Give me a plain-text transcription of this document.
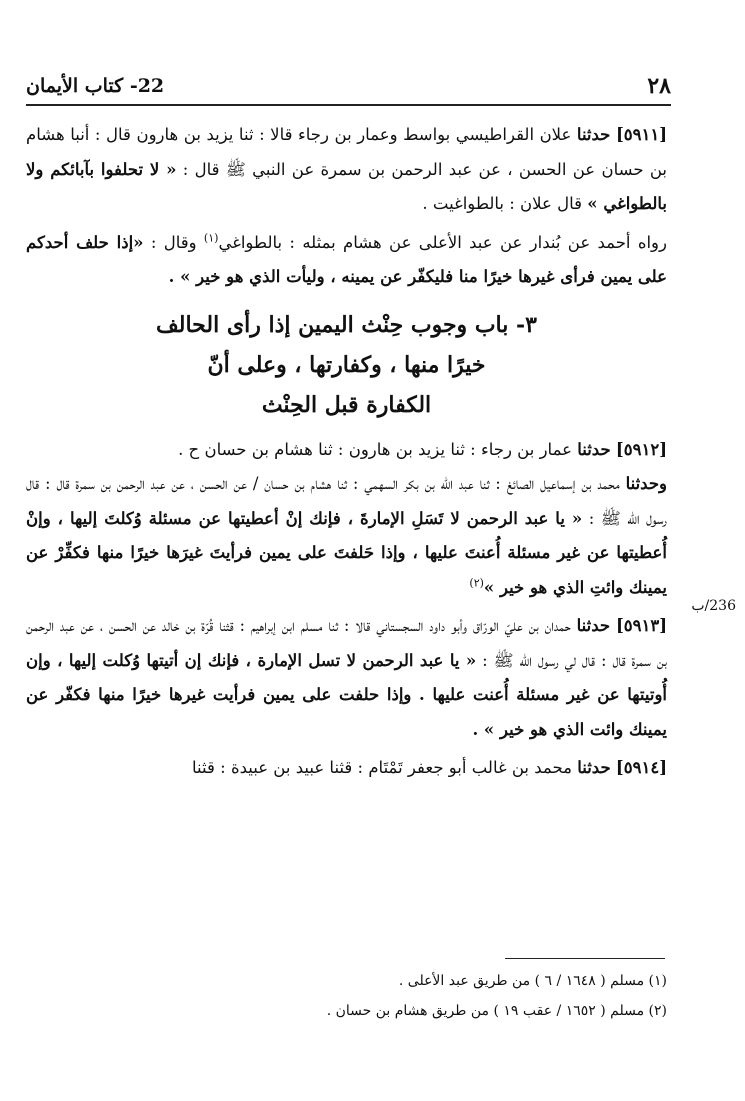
٢٨
22- كتاب الأيمان

[٥٩١١] حدثنا علان القراطيسي بواسط وعمار بن رجاء قالا : ثنا يزيد بن هارون قال : أنبا هشام بن حسان عن الحسن ، عن عبد الرحمن بن سمرة عن النبي ﷺ قال : « لا تحلفوا بآبائكم ولا بالطواغي » قال علان : بالطواغيت .

رواه أحمد عن بُندار عن عبد الأعلى عن هشام بمثله : بالطواغي$^{(١)}$ وقال : «إذا حلف أحدكم على يمين فرأى غيرها خيرًا منا فليكفّر عن يمينه ، وليأت الذي هو خير » .

٣- باب وجوب حِنْث اليمين إذا رأى الحالف
خيرًا منها ، وكفارتها ، وعلى أنّ
الكفارة قبل الحِنْث

[٥٩١٢] حدثنا عمار بن رجاء : ثنا يزيد بن هارون : ثنا هشام بن حسان ح .

وحدثنا محمد بن إسماعيل الصائغ : ثنا عبد اللّه بن بكر السهمي : ثنا هشام بن حسان / عن الحسن ، عن عبد الرحمن بن سمرة قال : قال رسول اللّه ﷺ : « يا عبد الرحمن لا تَسَلِ الإمارةَ ، فإنك إنْ أعطيتها عن مسئلة وُكلتَ إليها ، وإنْ أُعطيتها عن غير مسئلة أُعنتَ عليها ، وإذا حَلفتَ على يمين فرأيتَ غيرَها خيرًا منها فكفِّرْ عن يمينك وائتِ الذي هو خير »$^{(٢)}$

[٥٩١٣] حدثنا حمدان بن عليّ الورّاق وأبو داود السجستاني قالا : ثنا مسلم ابن إبراهيم : قثنا قُرّة بن خالد عن الحسن ، عن عبد الرحمن بن سمرة قال : قال لي رسول اللّه ﷺ : « يا عبد الرحمن لا تسل الإمارة ، فإنك إن أتيتها وُكلت إليها ، وإن أُوتيتها عن غير مسئلة أُعنت عليها . وإذا حلفت على يمين فرأيت غيرها خيرًا منها فكفّر عن يمينك وائت الذي هو خير » .

[٥٩١٤] حدثنا محمد بن غالب أبو جعفر تَمْتَام : قثنا عبيد بن عبيدة : قثنا

236/ب

(١) مسلم ( ١٦٤٨ / ٦ ) من طريق عبد الأعلى .

(٢) مسلم ( ١٦٥٢ / عقب ١٩ ) من طريق هشام بن حسان .
